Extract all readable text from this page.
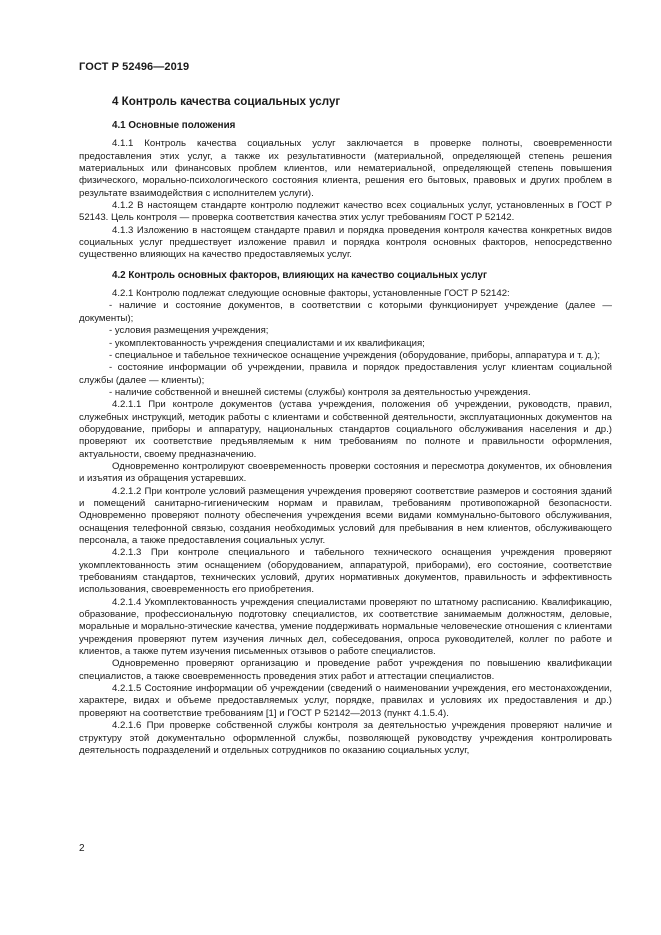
ГОСТ Р 52496—2019
4 Контроль качества социальных услуг
4.1 Основные положения

4.1.1 Контроль качества социальных услуг заключается в проверке полноты, своевременности предоставления этих услуг, а также их результативности (материальной, определяющей степень решения материальных или финансовых проблем клиентов, или нематериальной, определяющей степень повышения физического, морально-психологического состояния клиента, решения его бытовых, правовых и других проблем в результате взаимодействия с исполнителем услуги).

4.1.2 В настоящем стандарте контролю подлежит качество всех социальных услуг, установленных в ГОСТ Р 52143. Цель контроля — проверка соответствия качества этих услуг требованиям ГОСТ Р 52142.

4.1.3 Изложению в настоящем стандарте правил и порядка проведения контроля качества конкретных видов социальных услуг предшествует изложение правил и порядка контроля основных факторов, непосредственно существенно влияющих на качество предоставляемых услуг.

4.2 Контроль основных факторов, влияющих на качество социальных услуг

4.2.1 Контролю подлежат следующие основные факторы, установленные ГОСТ Р 52142:

- наличие и состояние документов, в соответствии с которыми функционирует учреждение (далее — документы);

- условия размещения учреждения;

- укомплектованность учреждения специалистами и их квалификация;

- специальное и табельное техническое оснащение учреждения (оборудование, приборы, аппаратура и т. д.);

- состояние информации об учреждении, правила и порядок предоставления услуг клиентам социальной службы (далее — клиенты);

- наличие собственной и внешней системы (службы) контроля за деятельностью учреждения.

4.2.1.1 При контроле документов (устава учреждения, положения об учреждении, руководств, правил, служебных инструкций, методик работы с клиентами и собственной деятельности, эксплуатационных документов на оборудование, приборы и аппаратуру, национальных стандартов социального обслуживания населения и др.) проверяют их соответствие предъявляемым к ним требованиям по полноте и правильности оформления, актуальности, своему предназначению.

Одновременно контролируют своевременность проверки состояния и пересмотра документов, их обновления и изъятия из обращения устаревших.

4.2.1.2 При контроле условий размещения учреждения проверяют соответствие размеров и состояния зданий и помещений санитарно-гигиеническим нормам и правилам, требованиям противопожарной безопасности. Одновременно проверяют полноту обеспечения учреждения всеми видами коммунально-бытового обслуживания, оснащения телефонной связью, создания необходимых условий для пребывания в нем клиентов, обслуживающего персонала, а также предоставления социальных услуг.

4.2.1.3 При контроле специального и табельного технического оснащения учреждения проверяют укомплектованность этим оснащением (оборудованием, аппаратурой, приборами), его состояние, соответствие требованиям стандартов, технических условий, других нормативных документов, правильность и эффективность использования, своевременность его приобретения.

4.2.1.4 Укомплектованность учреждения специалистами проверяют по штатному расписанию. Квалификацию, образование, профессиональную подготовку специалистов, их соответствие занимаемым должностям, деловые, моральные и морально-этические качества, умение поддерживать нормальные человеческие отношения с клиентами учреждения проверяют путем изучения личных дел, собеседования, опроса руководителей, коллег по работе и клиентов, а также путем изучения письменных отзывов о работе специалистов.

Одновременно проверяют организацию и проведение работ учреждения по повышению квалификации специалистов, а также своевременность проведения этих работ и аттестации специалистов.

4.2.1.5 Состояние информации об учреждении (сведений о наименовании учреждения, его местонахождении, характере, видах и объеме предоставляемых услуг, порядке, правилах и условиях их предоставления и др.) проверяют на соответствие требованиям [1] и ГОСТ Р 52142—2013 (пункт 4.1.5.4).

4.2.1.6 При проверке собственной службы контроля за деятельностью учреждения проверяют наличие и структуру этой документально оформленной службы, позволяющей руководству учреждения контролировать деятельность подразделений и отдельных сотрудников по оказанию социальных услуг,

2
